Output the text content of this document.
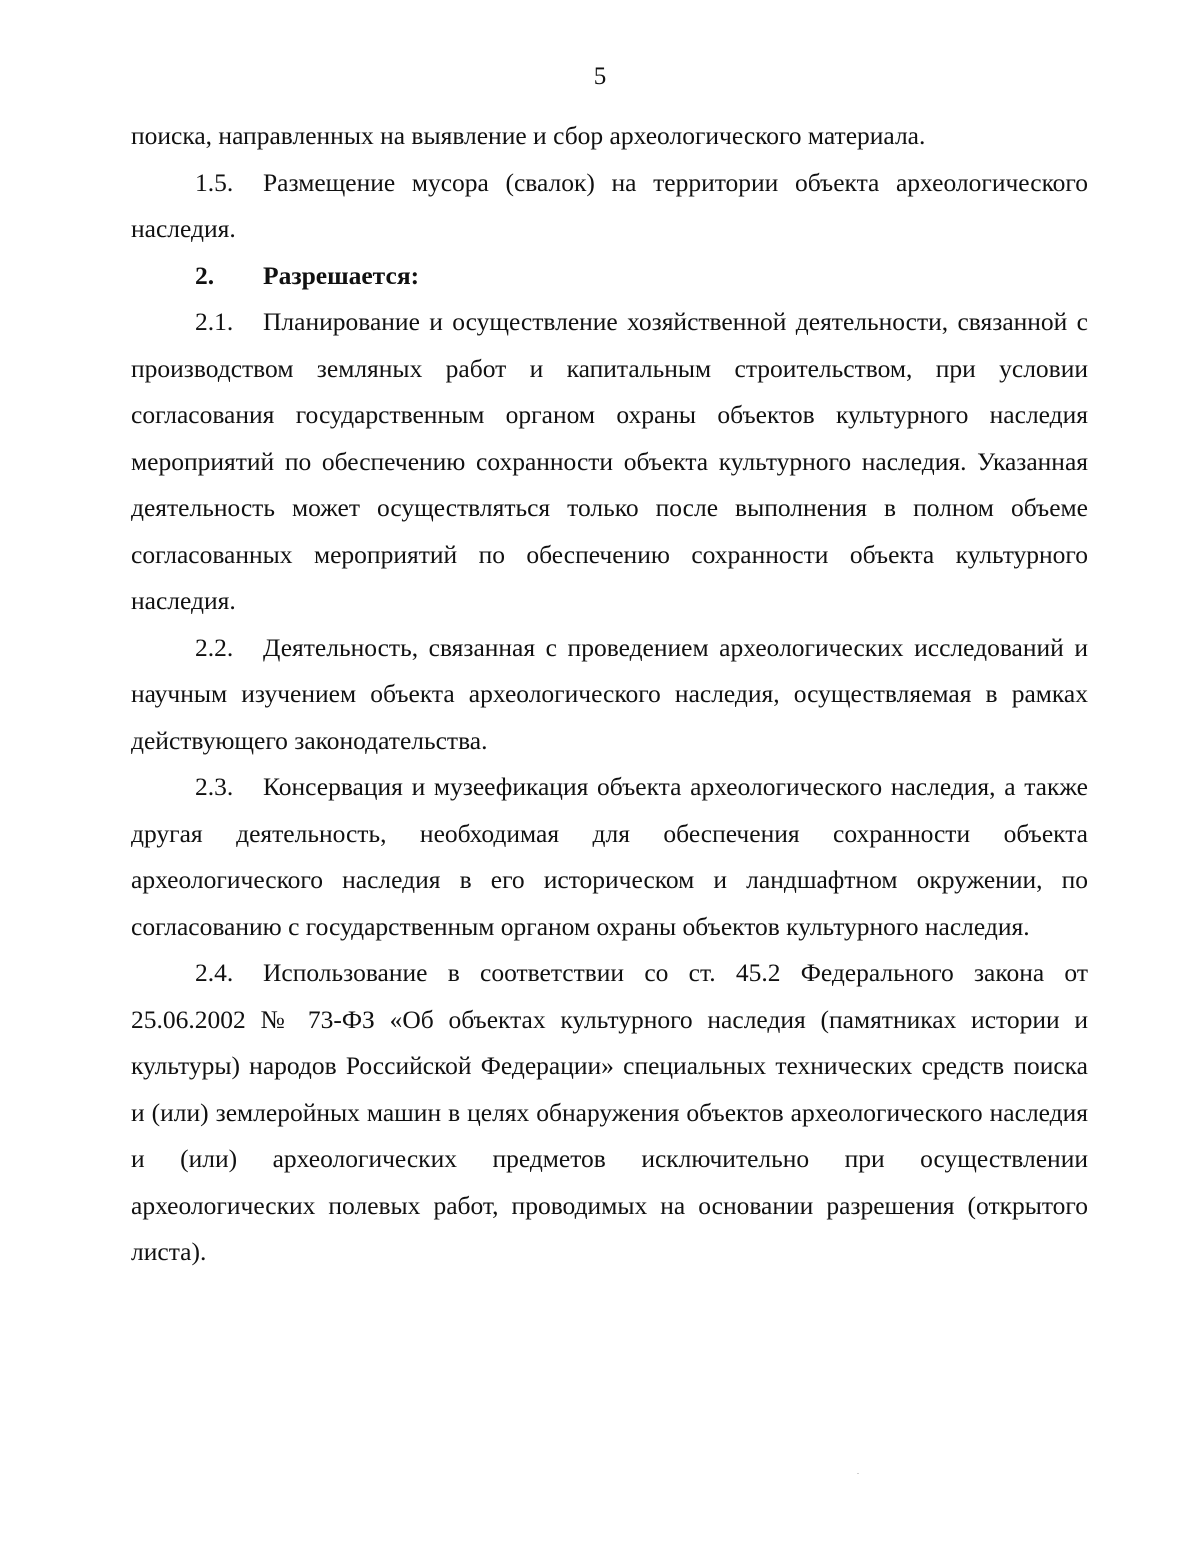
5

поиска, направленных на выявление и сбор археологического материала.

1.5. Размещение мусора (свалок) на территории объекта археологического наследия.

2. Разрешается:

2.1. Планирование и осуществление хозяйственной деятельности, связанной с производством земляных работ и капитальным строительством, при условии согласования государственным органом охраны объектов культурного наследия мероприятий по обеспечению сохранности объекта культурного наследия. Указанная деятельность может осуществляться только после выполнения в полном объеме согласованных мероприятий по обеспечению сохранности объекта культурного наследия.

2.2. Деятельность, связанная с проведением археологических исследований и научным изучением объекта археологического наследия, осуществляемая в рамках действующего законодательства.

2.3. Консервация и музеефикация объекта археологического наследия, а также другая деятельность, необходимая для обеспечения сохранности объекта археологического наследия в его историческом и ландшафтном окружении, по согласованию с государственным органом охраны объектов культурного наследия.

2.4. Использование в соответствии со ст. 45.2 Федерального закона от 25.06.2002 № 73-ФЗ «Об объектах культурного наследия (памятниках истории и культуры) народов Российской Федерации» специальных технических средств поиска и (или) землеройных машин в целях обнаружения объектов археологического наследия и (или) археологических предметов исключительно при осуществлении археологических полевых работ, проводимых на основании разрешения (открытого листа).
